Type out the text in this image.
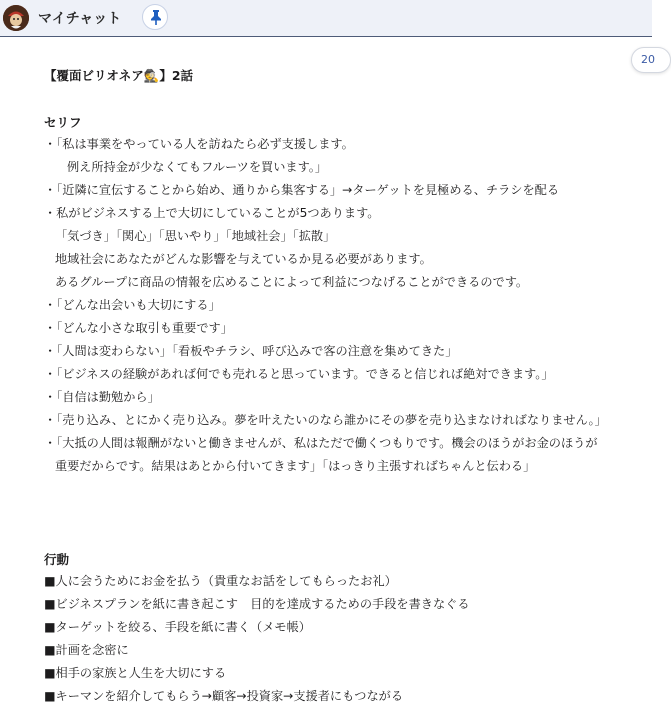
マイチャット
20
【覆面ビリオネア🕵️】2話
セリフ
・「私は事業をやっている人を訪ねたら必ず支援します。
例え所持金が少なくてもフルーツを買います。」
・「近隣に宣伝することから始め、通りから集客する」→ターゲットを見極める、チラシを配る
・私がビジネスする上で大切にしていることが5つあります。
「気づき」「関心」「思いやり」「地域社会」「拡散」
地域社会にあなたがどんな影響を与えているか見る必要があります。
あるグループに商品の情報を広めることによって利益につなげることができるのです。
・「どんな出会いも大切にする」
・「どんな小さな取引も重要です」
・「人間は変わらない」「看板やチラシ、呼び込みで客の注意を集めてきた」
・「ビジネスの経験があれば何でも売れると思っています。できると信じれば絶対できます。」
・「自信は勤勉から」
・「売り込み、とにかく売り込み。夢を叶えたいのなら誰かにその夢を売り込まなければなりません。」
・「大抵の人間は報酬がないと働きませんが、私はただで働くつもりです。機会のほうがお金のほうが
重要だからです。結果はあとから付いてきます」「はっきり主張すればちゃんと伝わる」
行動
■人に会うためにお金を払う（貴重なお話をしてもらったお礼）
■ビジネスプランを紙に書き起こす　目的を達成するための手段を書きなぐる
■ターゲットを絞る、手段を紙に書く（メモ帳）
■計画を念密に
■相手の家族と人生を大切にする
■キーマンを紹介してもらう→顧客→投資家→支援者にもつながる
